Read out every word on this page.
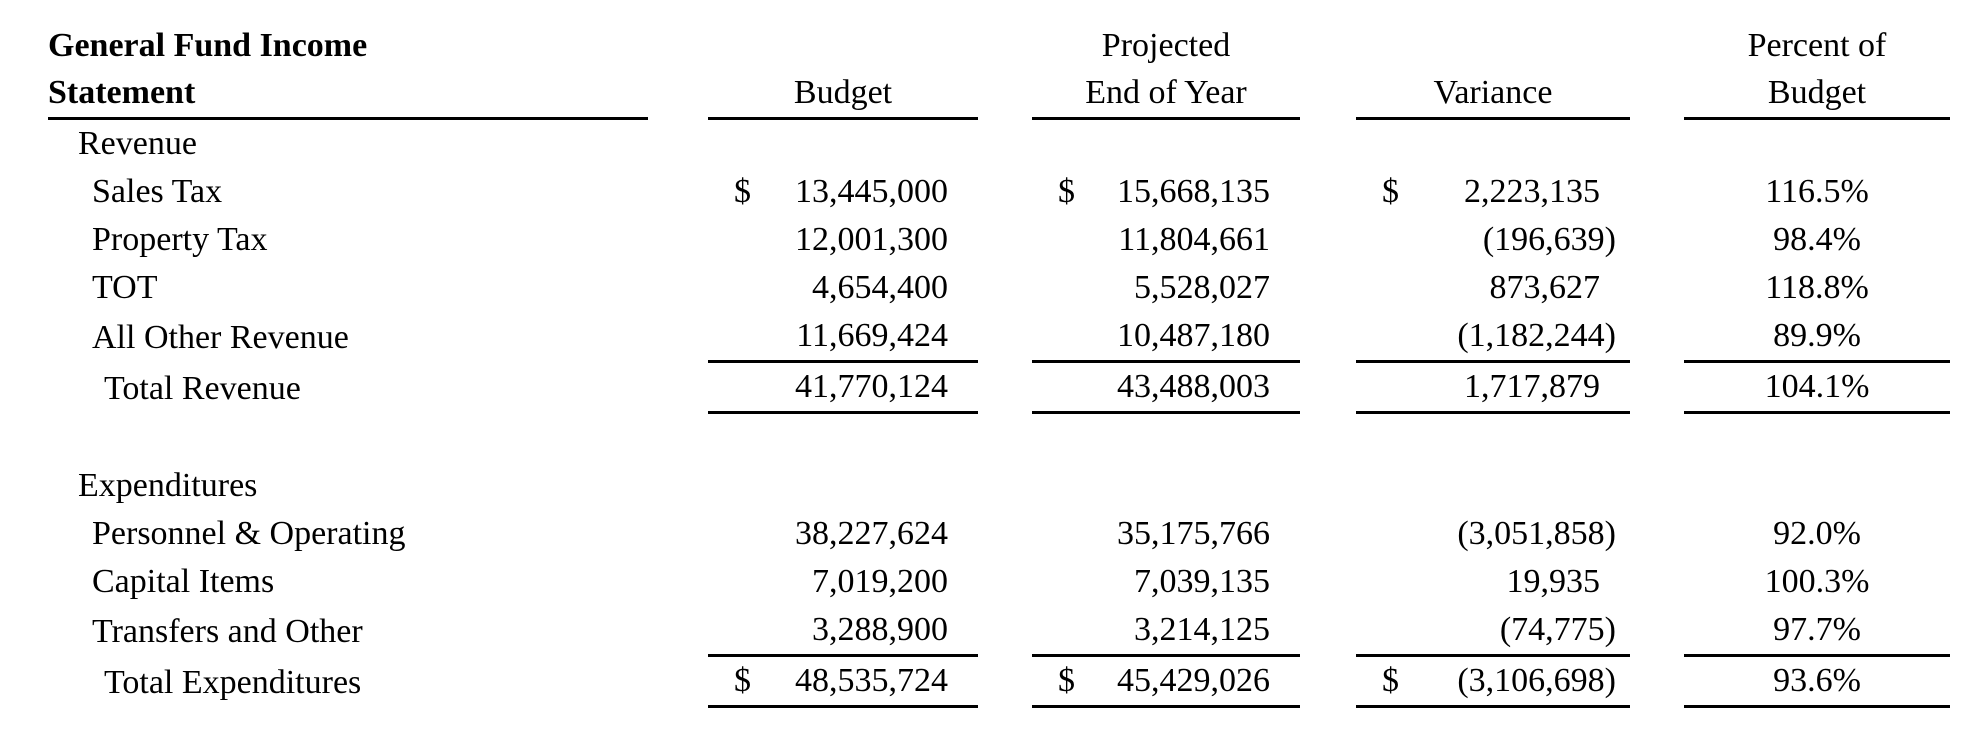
General Fund Income				Projected				Percent of
Statement		Budget		End of Year		Variance		Budget
Revenue								
Sales Tax		$ 13,445,000		$ 15,668,135		$ 2,223,135		116.5%
Property Tax		12,001,300		11,804,661		(196,639)		98.4%
TOT		4,654,400		5,528,027		873,627		118.8%
All Other Revenue		11,669,424		10,487,180		(1,182,244)		89.9%
Total Revenue		41,770,124		43,488,003		1,717,879		104.1%

Expenditures								
Personnel & Operating		38,227,624		35,175,766		(3,051,858)		92.0%
Capital Items		7,019,200		7,039,135		19,935		100.3%
Transfers and Other		3,288,900		3,214,125		(74,775)		97.7%
Total Expenditures		$ 48,535,724		$ 45,429,026		$ (3,106,698)		93.6%
